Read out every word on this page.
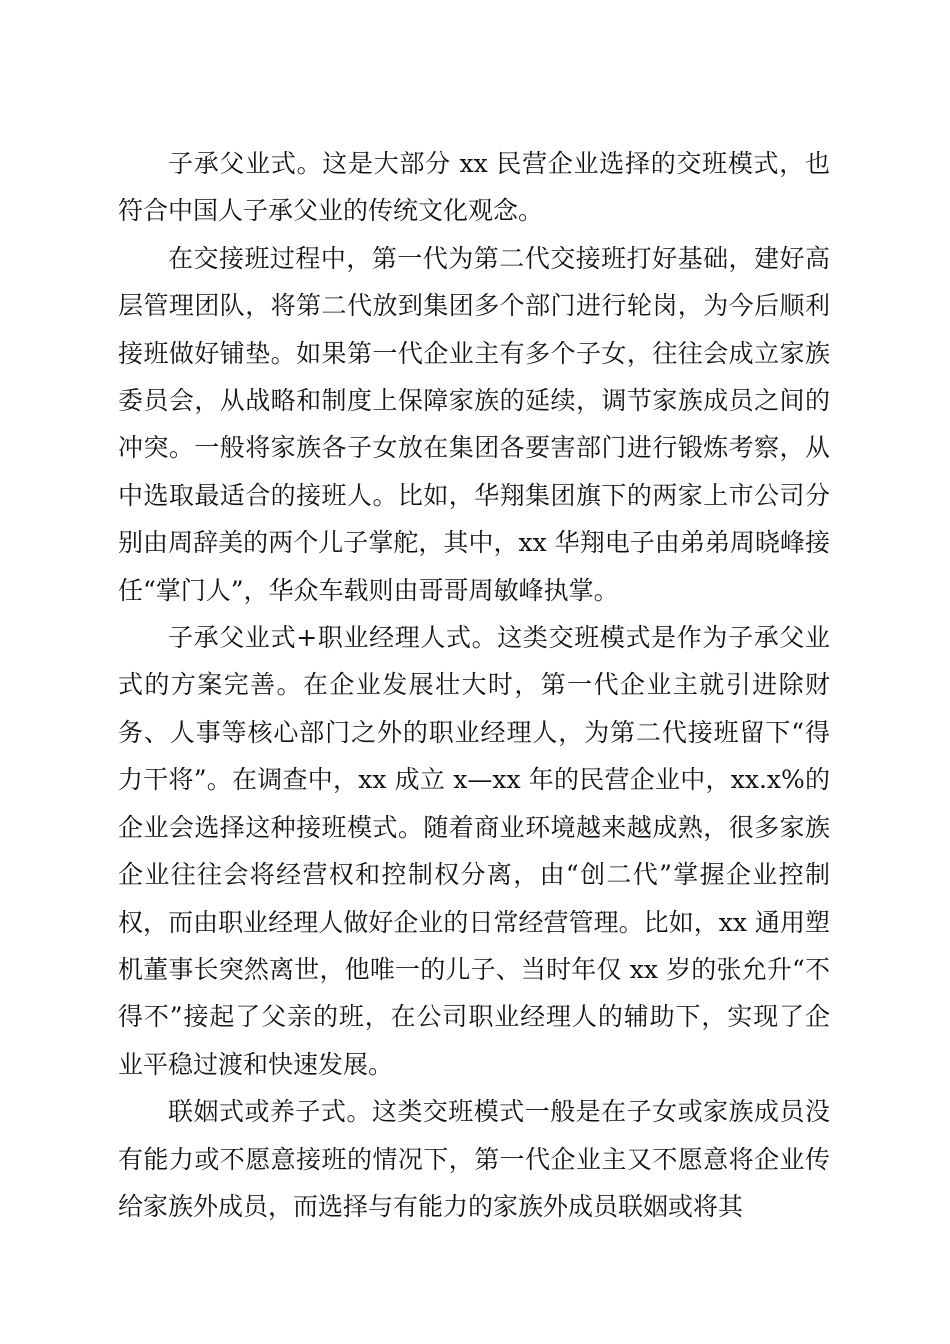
子承父业式。这是大部分 xx 民营企业选择的交班模式，也符合中国人子承父业的传统文化观念。

在交接班过程中，第一代为第二代交接班打好基础，建好高层管理团队，将第二代放到集团多个部门进行轮岗，为今后顺利接班做好铺垫。如果第一代企业主有多个子女，往往会成立家族委员会，从战略和制度上保障家族的延续，调节家族成员之间的冲突。一般将家族各子女放在集团各要害部门进行锻炼考察，从中选取最适合的接班人。比如，华翔集团旗下的两家上市公司分别由周辞美的两个儿子掌舵，其中，xx 华翔电子由弟弟周晓峰接任“掌门人”，华众车载则由哥哥周敏峰执掌。

子承父业式+职业经理人式。这类交班模式是作为子承父业式的方案完善。在企业发展壮大时，第一代企业主就引进除财务、人事等核心部门之外的职业经理人，为第二代接班留下“得力干将”。在调查中，xx 成立 x—xx 年的民营企业中，xx.x%的企业会选择这种接班模式。随着商业环境越来越成熟，很多家族企业往往会将经营权和控制权分离，由“创二代”掌握企业控制权，而由职业经理人做好企业的日常经营管理。比如，xx 通用塑机董事长突然离世，他唯一的儿子、当时年仅 xx 岁的张允升“不得不”接起了父亲的班，在公司职业经理人的辅助下，实现了企业平稳过渡和快速发展。

联姻式或养子式。这类交班模式一般是在子女或家族成员没有能力或不愿意接班的情况下，第一代企业主又不愿意将企业传给家族外成员，而选择与有能力的家族外成员联姻或将其
